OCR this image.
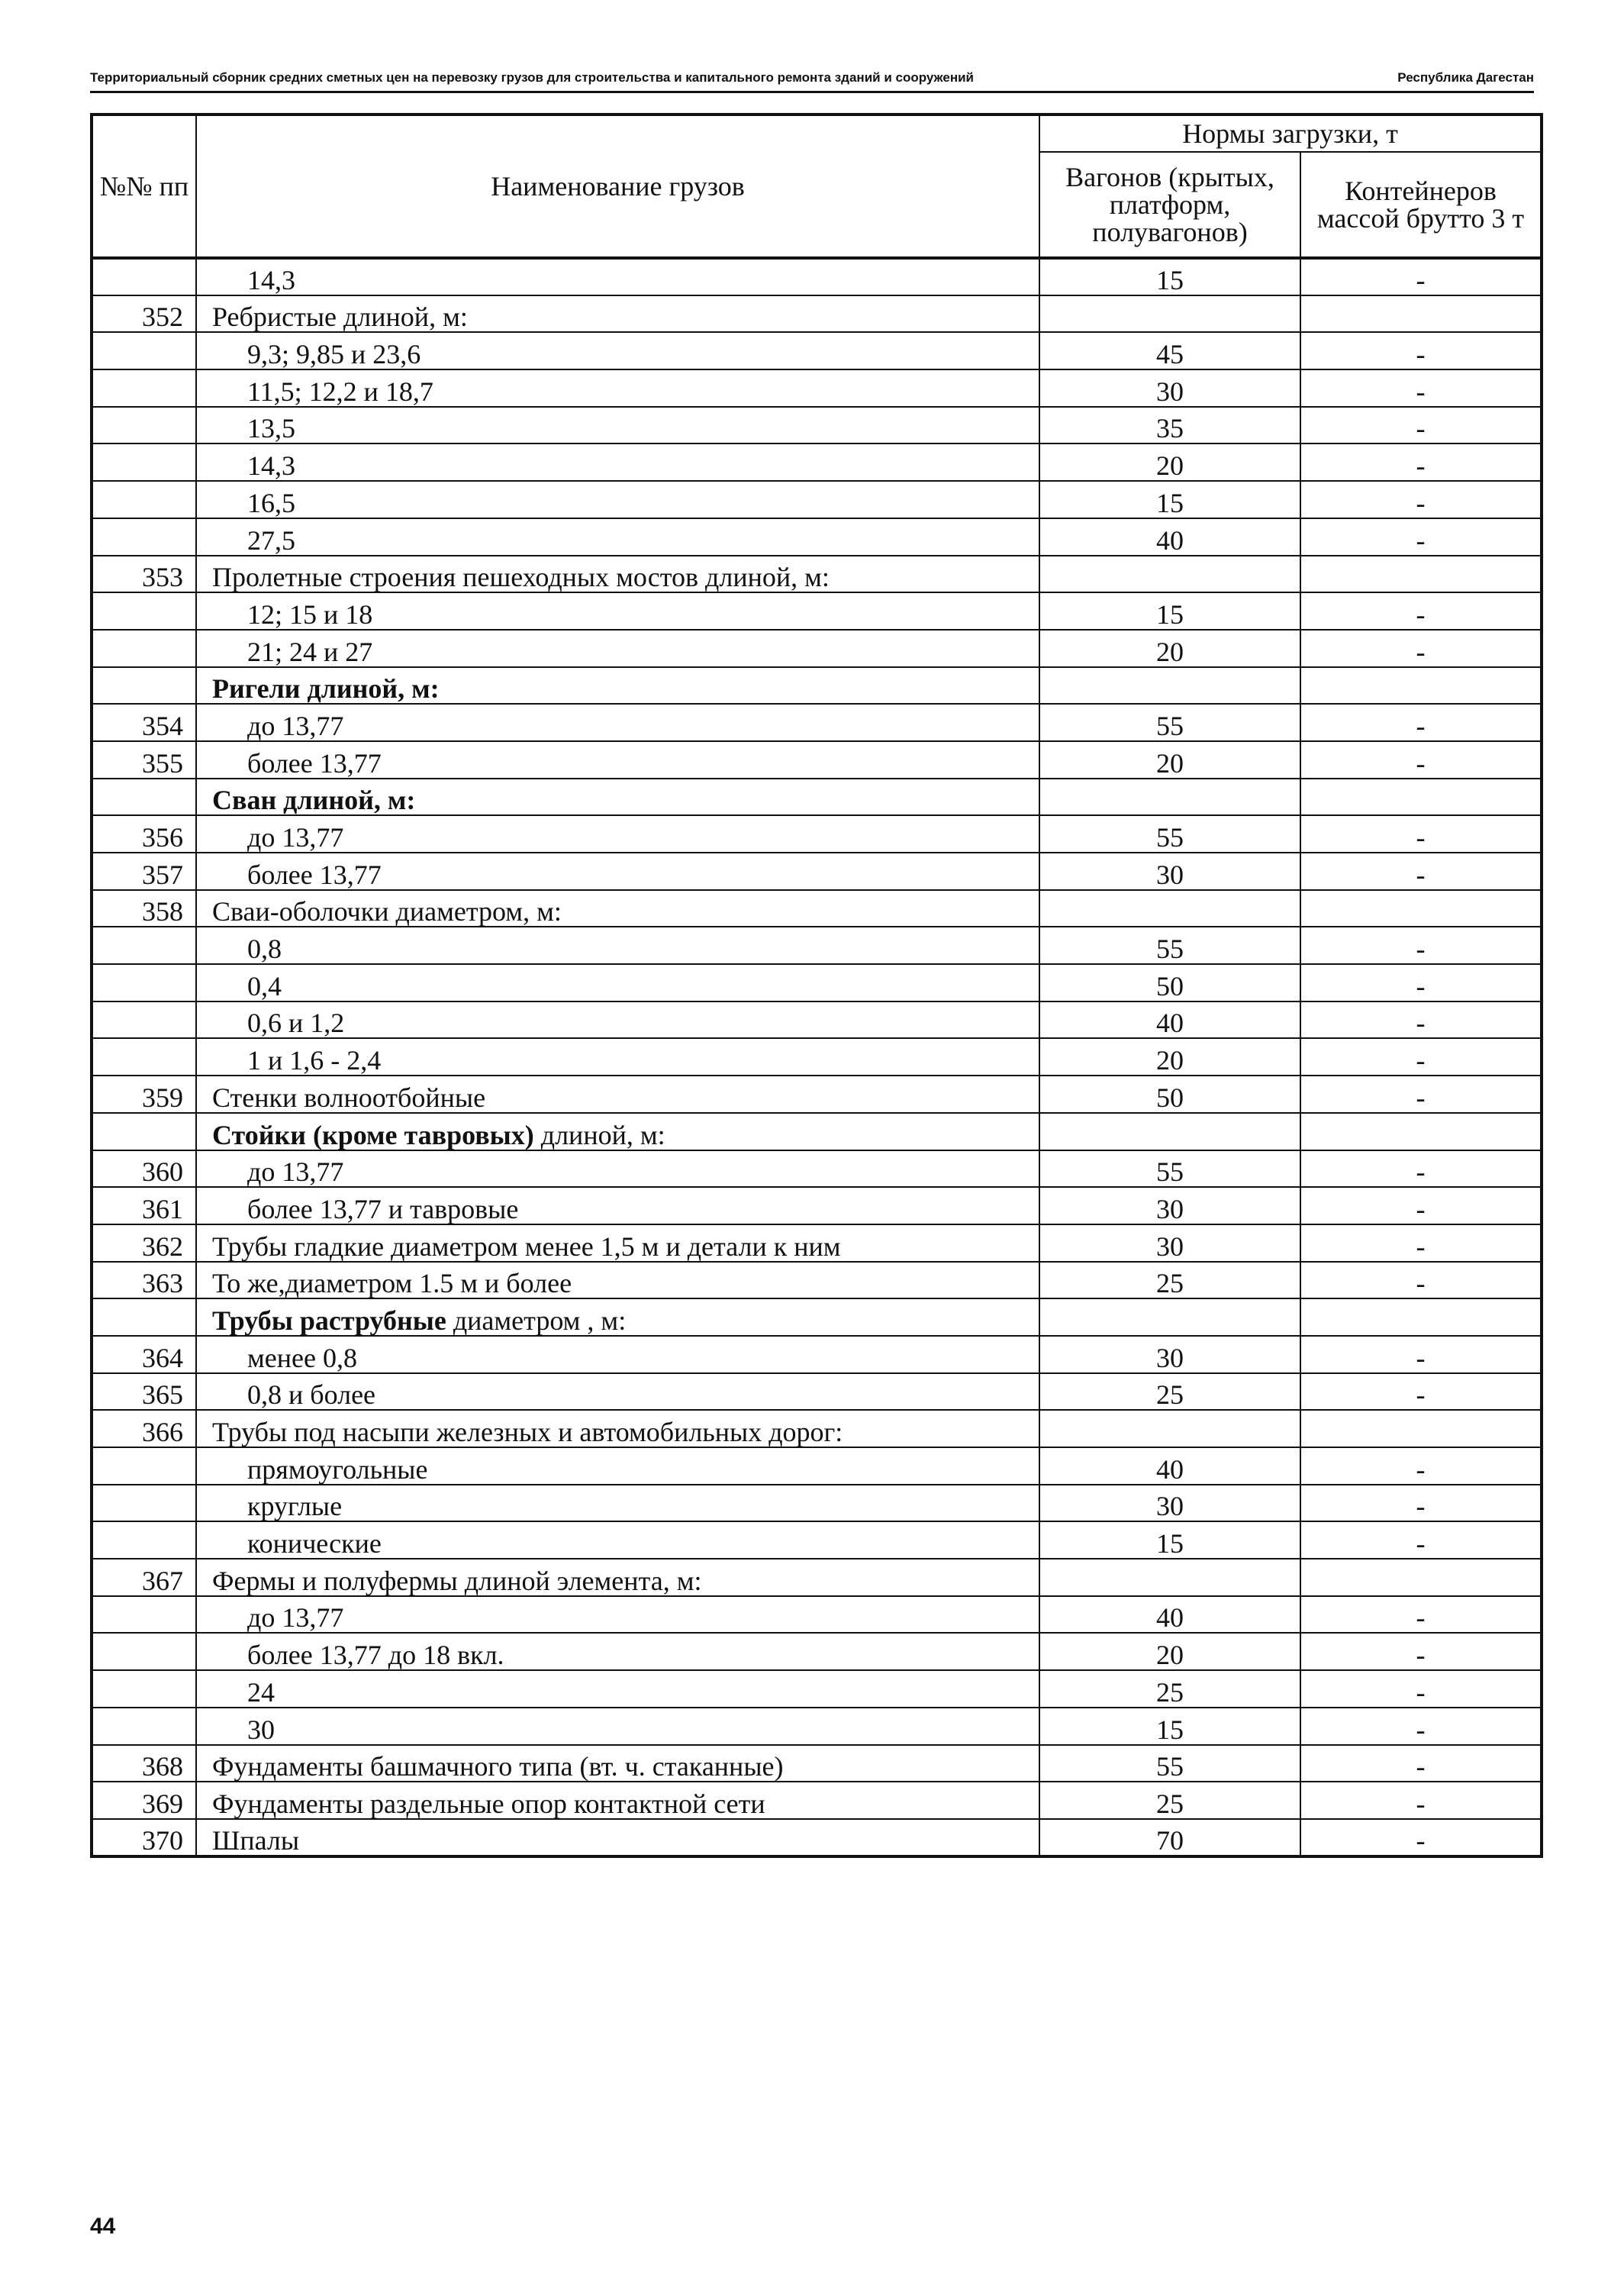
Территориальный сборник средних сметных цен на перевозку грузов для строительства и капитального ремонта зданий и сооружений	Республика Дагестан
№№ пп	Наименование грузов	Нормы загрузки, т	
		Вагонов (крытых, платформ, полувагонов)	Контейнеров массой брутто 3 т
	14,3	15	-
352	Ребристые длиной, м:		
	9,3; 9,85 и 23,6	45	-
	11,5; 12,2 и 18,7	30	-
	13,5	35	-
	14,3	20	-
	16,5	15	-
	27,5	40	-
353	Пролетные строения пешеходных мостов длиной, м:		
	12; 15 и 18	15	-
	21; 24 и 27	20	-
	Ригели длиной, м:		
354	до 13,77	55	-
355	более 13,77	20	-
	Сван длиной, м:		
356	до 13,77	55	-
357	более 13,77	30	-
358	Сваи-оболочки диаметром, м:		
	0,8	55	-
	0,4	50	-
	0,6 и 1,2	40	-
	1 и 1,6 - 2,4	20	-
359	Стенки волноотбойные	50	-
	Стойки (кроме тавровых) длиной, м:		
360	до 13,77	55	-
361	более 13,77 и тавровые	30	-
362	Трубы гладкие диаметром менее 1,5 м и детали к ним	30	-
363	То же,диаметром 1.5 м и более	25	-
	Трубы раструбные диаметром , м:		
364	менее 0,8	30	-
365	0,8 и более	25	-
366	Трубы под насыпи железных и автомобильных дорог:		
	прямоугольные	40	-
	круглые	30	-
	конические	15	-
367	Фермы и полуфермы длиной элемента, м:		
	до 13,77	40	-
	более 13,77 до 18 вкл.	20	-
	24	25	-
	30	15	-
368	Фундаменты башмачного типа (вт. ч. стаканные)	55	-
369	Фундаменты раздельные опор контактной сети	25	-
370	Шпалы	70	-
44
